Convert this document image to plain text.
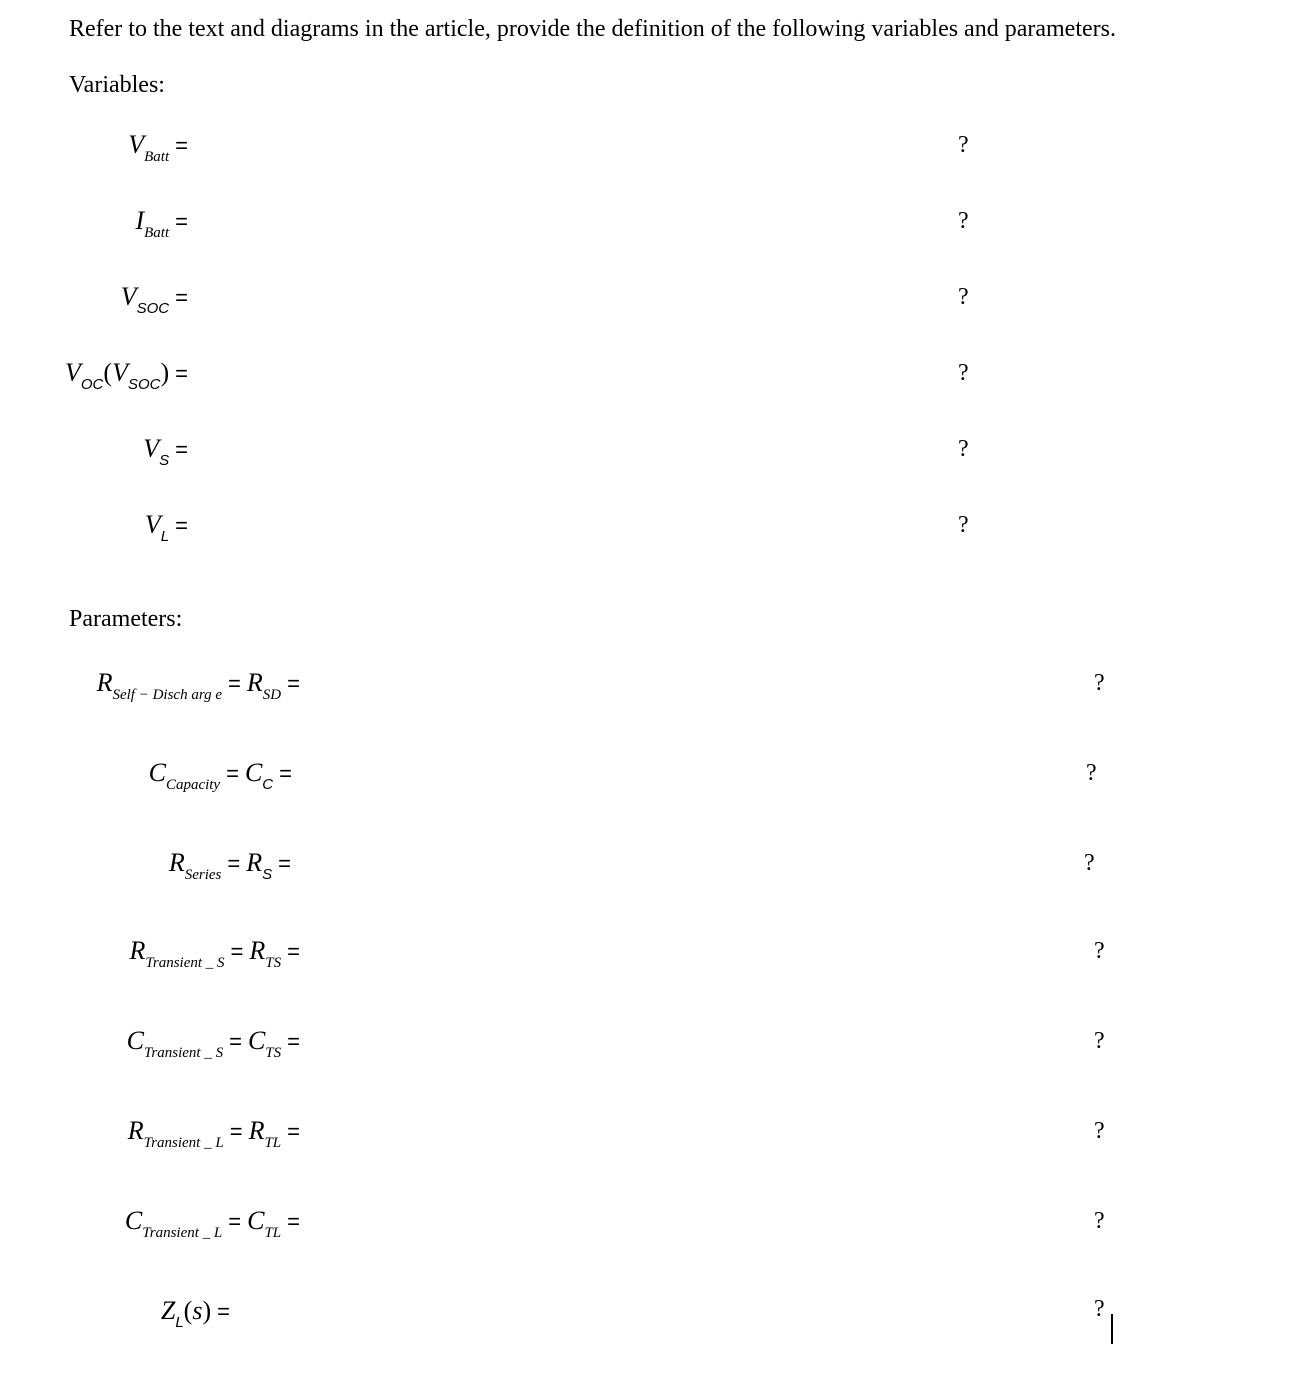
Refer to the text and diagrams in the article, provide the definition of the following variables and parameters.
Variables:
$V_{Batt}$ =	?
$I_{Batt}$ =	?
$V_{SOC}$ =	?
$V_{OC}(V_{SOC})$ =	?
$V_S$ =	?
$V_L$ =	?
Parameters:
$R_{Self - Disch arg e} = R_{SD}$ =	?
$C_{Capacity} = C_C$ =	?
$R_{Series} = R_S$ =	?
$R_{Transient \_ S} = R_{TS}$ =	?
$C_{Transient \_ S} = C_{TS}$ =	?
$R_{Transient \_ L} = R_{TL}$ =	?
$C_{Transient \_ L} = C_{TL}$ =	?
$Z_L(s)$ =	?
